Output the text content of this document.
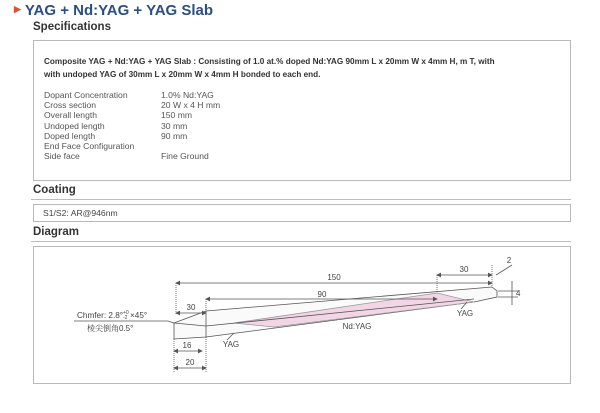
▶ YAG + Nd:YAG + YAG Slab
Specifications
Composite YAG + Nd:YAG + YAG Slab : Consisting of 1.0 at.% doped Nd:YAG 90mm L x 20mm W x 4mm H, m T, with
with undoped YAG of 30mm L x 20mm W x 4mm H bonded to each end.
Dopant Concentration	1.0% Nd:YAG
Cross section	20 W x 4 H mm
Overall length	150 mm
Undoped length	30 mm
Doped length	90 mm
End Face Configuration
Side face	Fine Ground
Coating
S1/S2: AR@946nm
Diagram
150
90
30
30
2
4
16
20
YAG
Nd:YAG
YAG
Chmfer: 2.8° +0
-2 ×45°
棱尖倒角0.5°
